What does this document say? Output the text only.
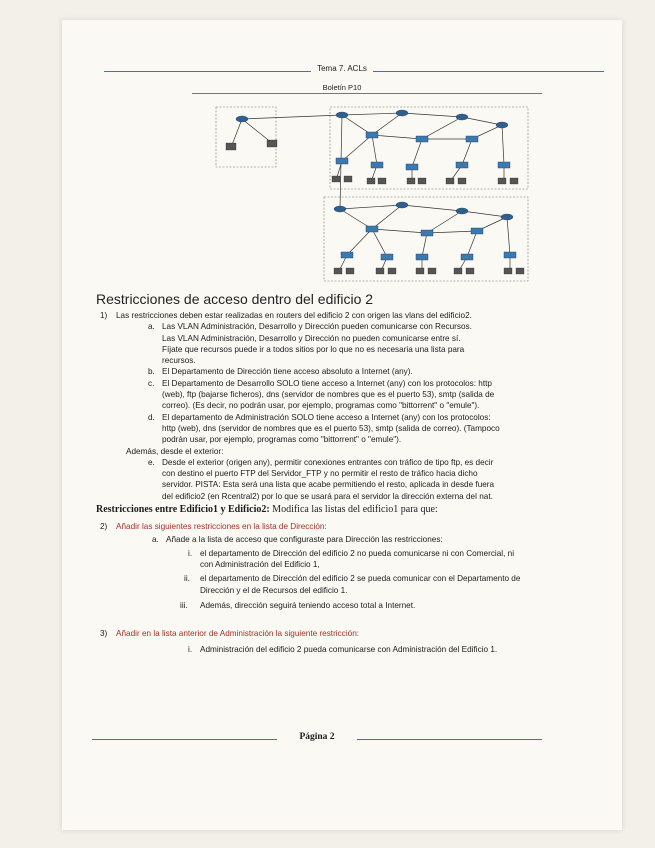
Tema 7. ACLs
Boletín P10
Restricciones de acceso dentro del edificio 2
1) Las restricciones deben estar realizadas en routers del edificio 2 con origen las vlans del edificio2.
a. Las VLAN Administración, Desarrollo y Dirección pueden comunicarse con Recursos.
Las VLAN Administración, Desarrollo y Dirección no pueden comunicarse entre sí.
Fíjate que recursos puede ir a todos sitios por lo que no es necesaria una lista para
recursos.
b. El Departamento de Dirección tiene acceso absoluto a Internet (any).
c. El Departamento de Desarrollo SOLO tiene acceso a Internet (any) con los protocolos: http
(web), ftp (bajarse ficheros), dns (servidor de nombres que es el puerto 53), smtp (salida de
correo). (Es decir, no podrán usar, por ejemplo, programas como "bittorrent" o "emule").
d. El departamento de Administración SOLO tiene acceso a Internet (any) con los protocolos:
http (web), dns (servidor de nombres que es el puerto 53), smtp (salida de correo). (Tampoco
podrán usar, por ejemplo, programas como "bittorrent" o "emule").
Además, desde el exterior:
e. Desde el exterior (origen any), permitir conexiones entrantes con tráfico de tipo ftp, es decir
con destino el puerto FTP del Servidor_FTP y no permitir el resto de tráfico hacia dicho
servidor. PISTA: Esta será una lista que acabe permitiendo el resto, aplicada in desde fuera
del edificio2 (en Rcentral2) por lo que se usará para el servidor la dirección externa del nat.
Restricciones entre Edificio1 y Edificio2: Modifica las listas del edificio1 para que:
2) Añadir las siguientes restricciones en la lista de Dirección:
a. Añade a la lista de acceso que configuraste para Dirección las restricciones:
i. el departamento de Dirección del edificio 2 no pueda comunicarse ni con Comercial, ni
con Administración del Edificio 1,
ii. el departamento de Dirección del edificio 2 se pueda comunicar con el Departamento de
Dirección y el de Recursos del edificio 1.
iii. Además, dirección seguirá teniendo acceso total a Internet.
3) Añadir en la lista anterior de Administración la siguiente restricción:
i. Administración del edificio 2 pueda comunicarse con Administración del Edificio 1.
Página 2
